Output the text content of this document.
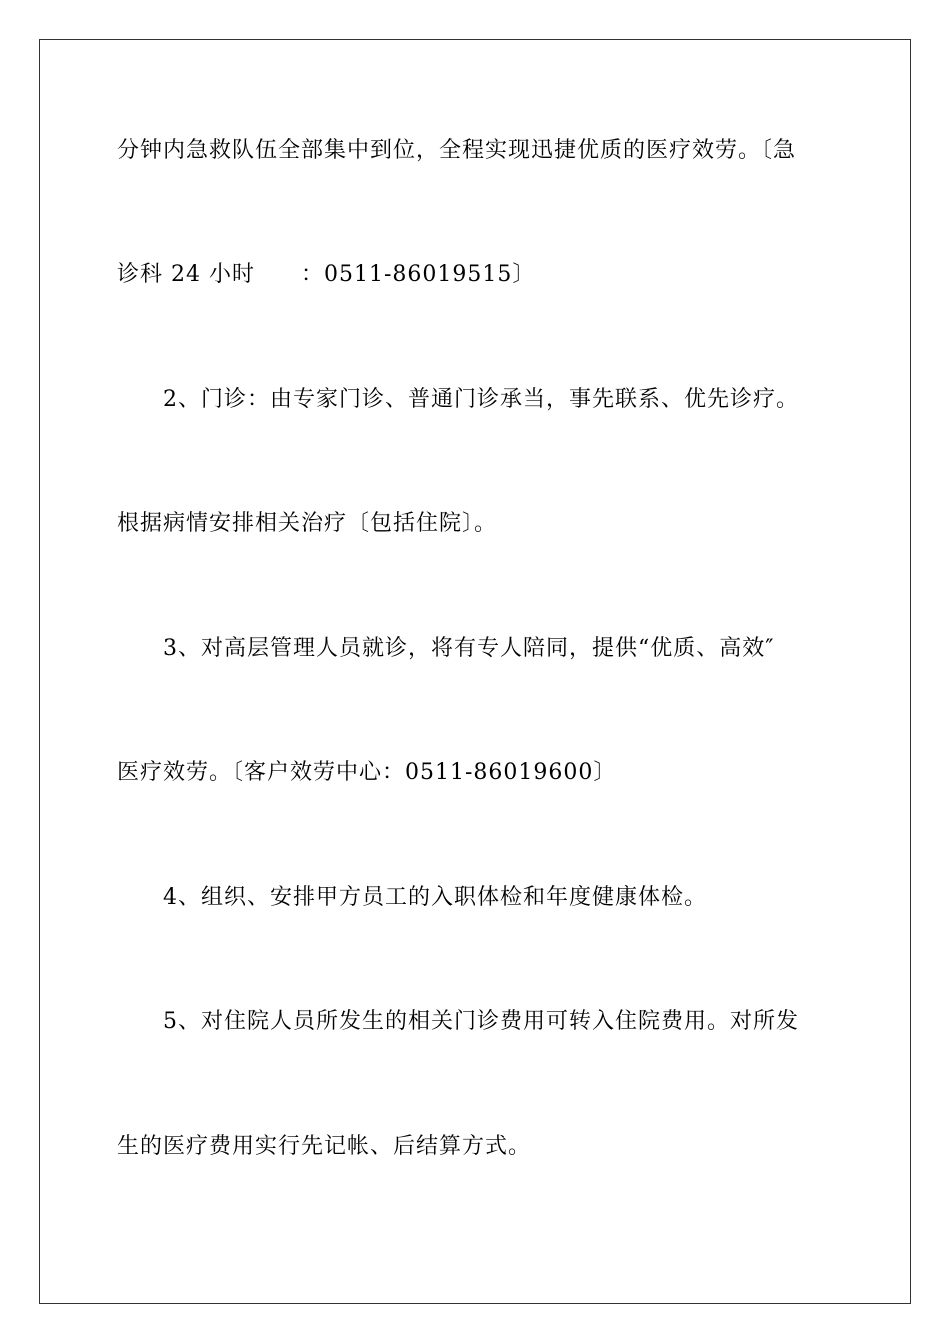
分钟内急救队伍全部集中到位，全程实现迅捷优质的医疗效劳。〔急
诊科 24 小时　　：0511-86019515〕
2、门诊：由专家门诊、普通门诊承当，事先联系、优先诊疗。
根据病情安排相关治疗〔包括住院〕。
3、对高层管理人员就诊，将有专人陪同，提供“优质、高效″
医疗效劳。〔客户效劳中心：0511-86019600〕
4、组织、安排甲方员工的入职体检和年度健康体检。
5、对住院人员所发生的相关门诊费用可转入住院费用。对所发
生的医疗费用实行先记帐、后结算方式。
